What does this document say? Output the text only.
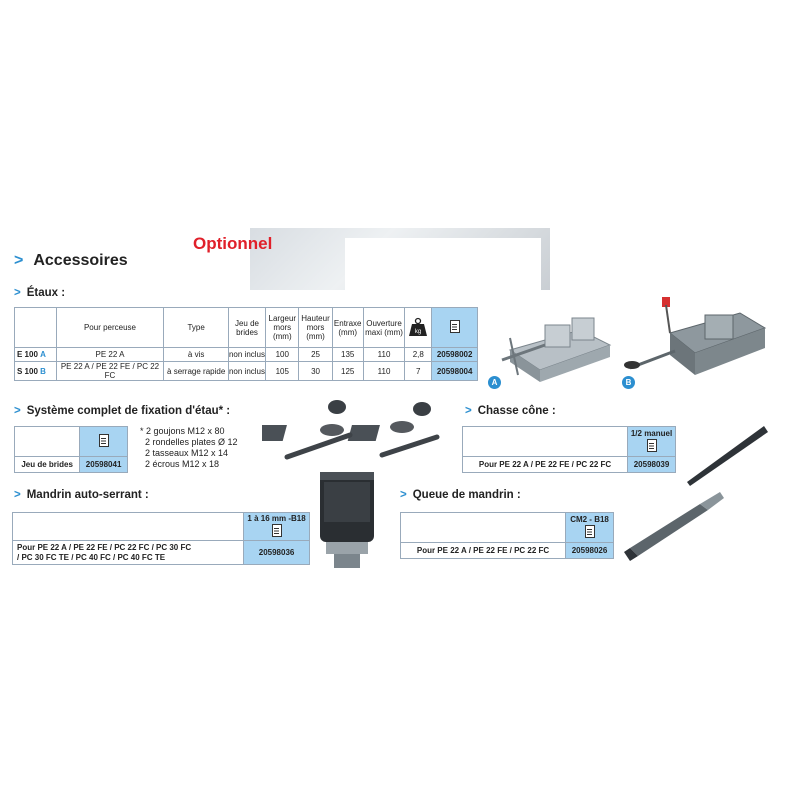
Optionnel
> Accessoires
> Étaux :
	Pour perceuse	Type	Jeu de brides	Largeur mors (mm)	Hauteur mors (mm)	Entraxe (mm)	Ouverture maxi (mm)	kg	

E 100 A	PE 22 A	à vis	non inclus	100	25	135	110	2,8	20598002
S 100 B	PE 22 A / PE 22 FE / PC 22 FC	à serrage rapide	non inclus	105	30	125	110	7	20598004
A	B
> Système complet de fixation d'étau* :

Jeu de brides	20598041
* 2 goujons M12 x 80
2 rondelles plates Ø 12
2 tasseaux M12 x 14
2 écrous M12 x 18
> Chasse cône :
	1/2 manuel

Pour PE 22 A / PE 22 FE / PC 22 FC	20598039
> Mandrin auto-serrant :
	1 à 16 mm -B18

Pour PE 22 A / PE 22 FE / PC 22 FC / PC 30 FC
/ PC 30 FC TE / PC 40 FC / PC 40 FC TE	20598036
> Queue de mandrin :
	CM2 - B18

Pour PE 22 A / PE 22 FE / PC 22 FC	20598026
